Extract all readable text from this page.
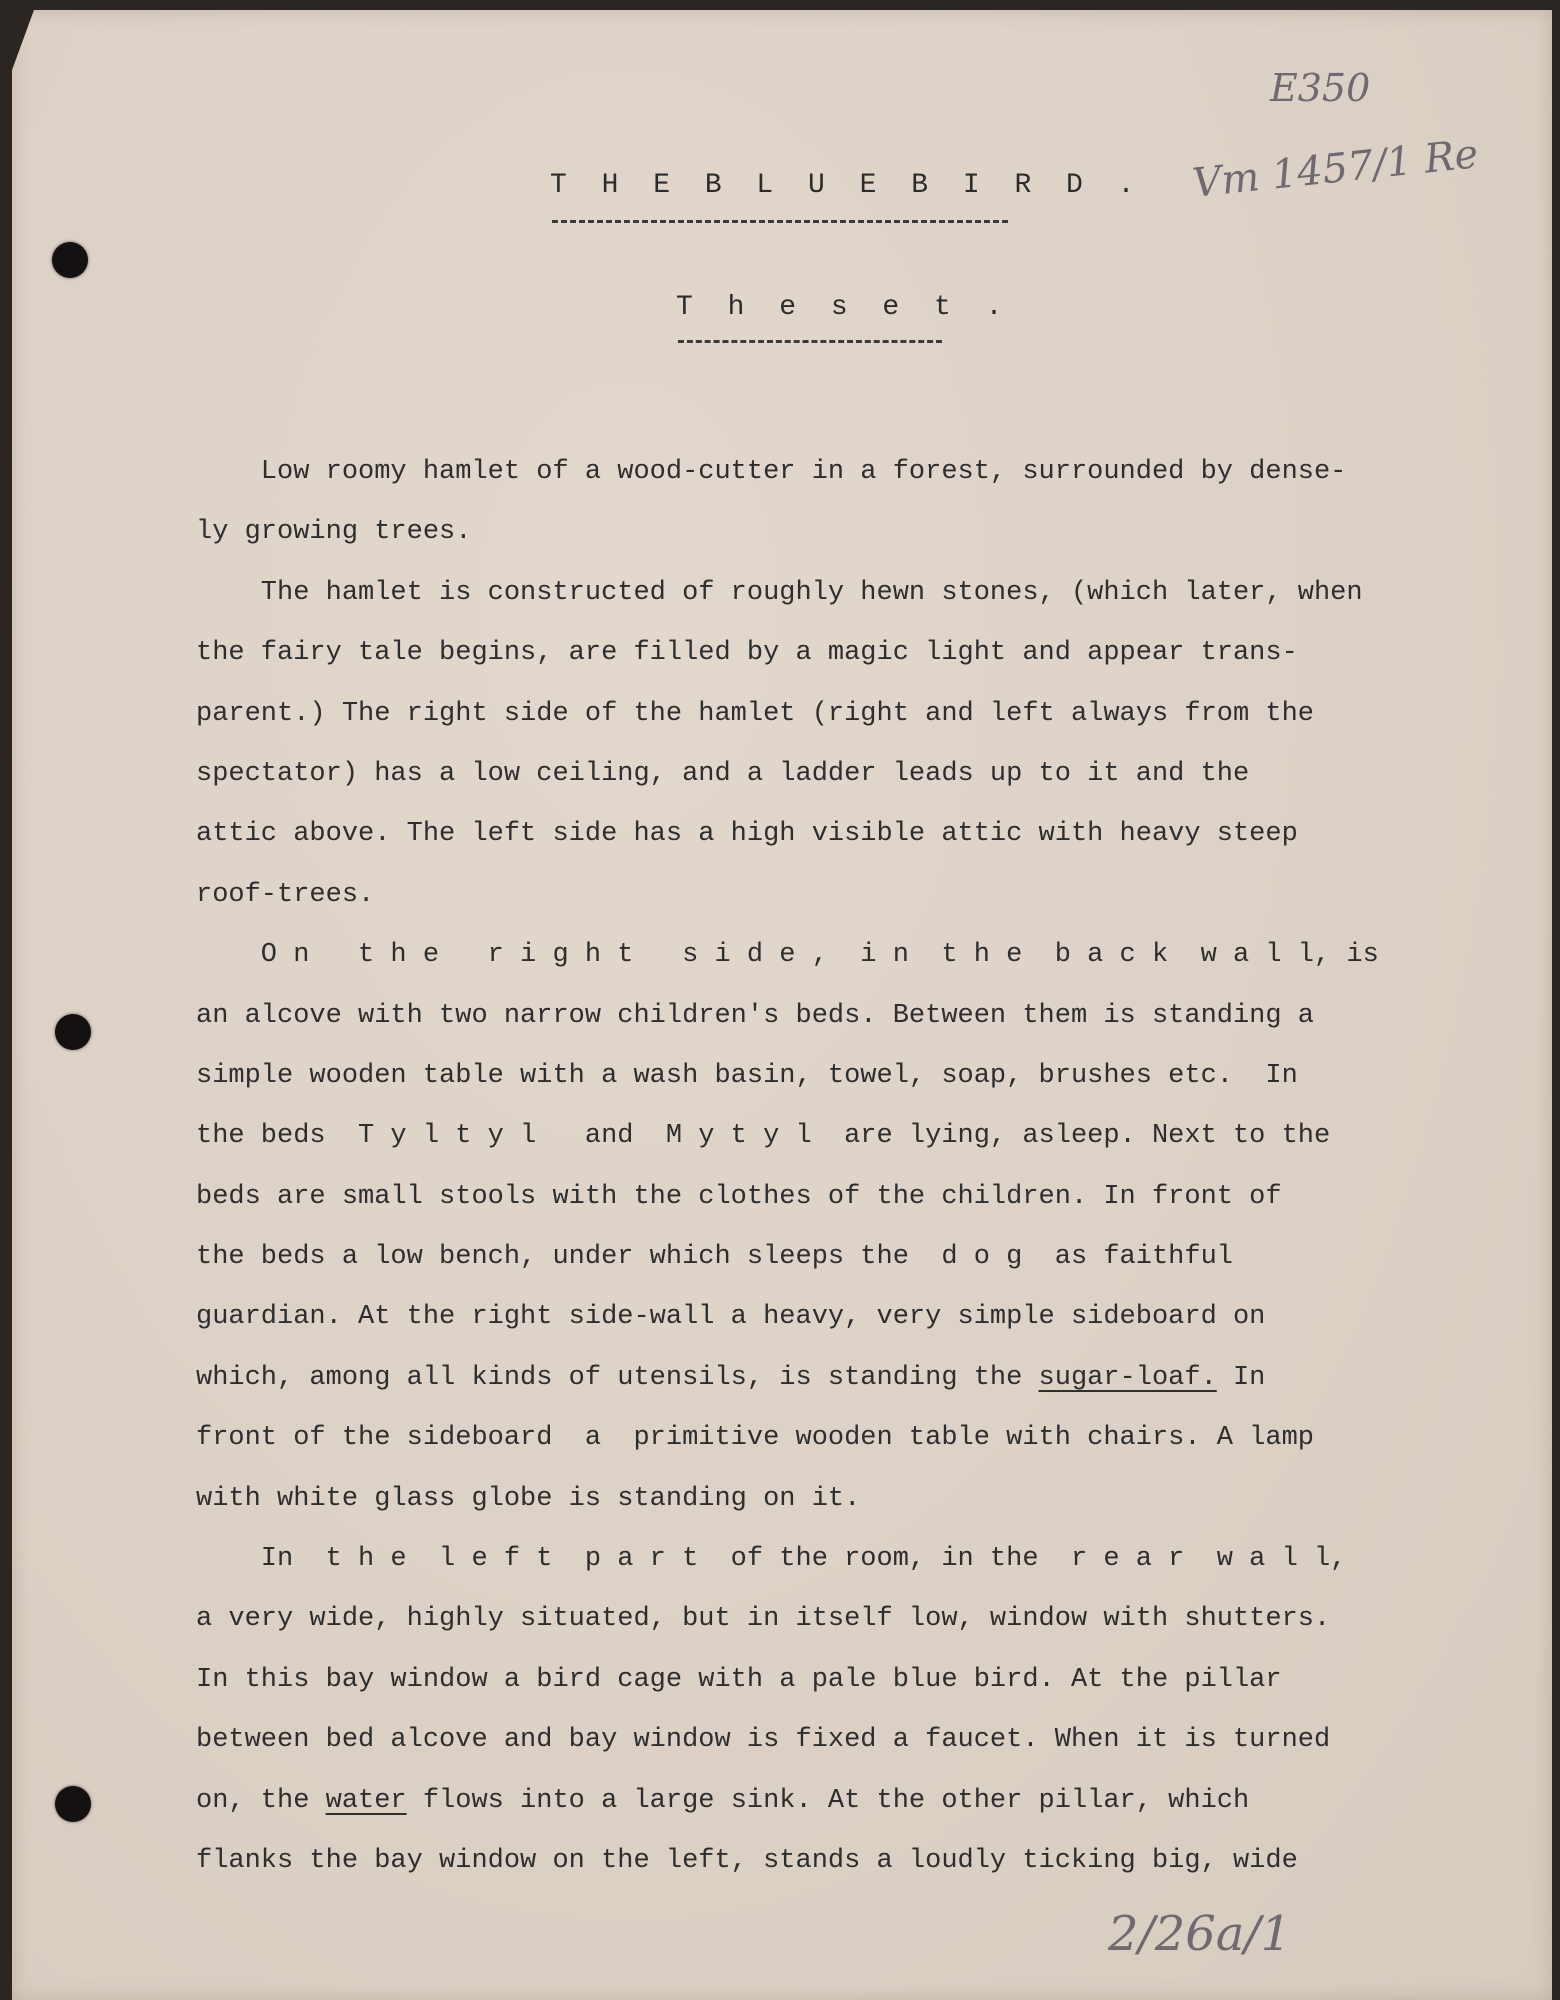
E350
Vm 1457/1 Re
2/26a/1
T H E B L U E B I R D .
T h e s e t .
Low roomy hamlet of a wood-cutter in a forest, surrounded by dense-
ly growing trees.
The hamlet is constructed of roughly hewn stones, (which later, when
the fairy tale begins, are filled by a magic light and appear trans-
parent.) The right side of the hamlet (right and left always from the
spectator) has a low ceiling, and a ladder leads up to it and the
attic above. The left side has a high visible attic with heavy steep
roof-trees.
O n   t h e   r i g h t   s i d e ,  i n  t h e  b a c k  w a l l, is
an alcove with two narrow children's beds. Between them is standing a
simple wooden table with a wash basin, towel, soap, brushes etc.  In
the beds  T y l t y l   and  M y t y l  are lying, asleep. Next to the
beds are small stools with the clothes of the children. In front of
the beds a low bench, under which sleeps the  d o g  as faithful
guardian. At the right side-wall a heavy, very simple sideboard on
which, among all kinds of utensils, is standing the sugar-loaf. In
front of the sideboard  a  primitive wooden table with chairs. A lamp
with white glass globe is standing on it.
In  t h e  l e f t  p a r t  of the room, in the  r e a r  w a l l,
a very wide, highly situated, but in itself low, window with shutters.
In this bay window a bird cage with a pale blue bird. At the pillar
between bed alcove and bay window is fixed a faucet. When it is turned
on, the water flows into a large sink. At the other pillar, which
flanks the bay window on the left, stands a loudly ticking big, wide
